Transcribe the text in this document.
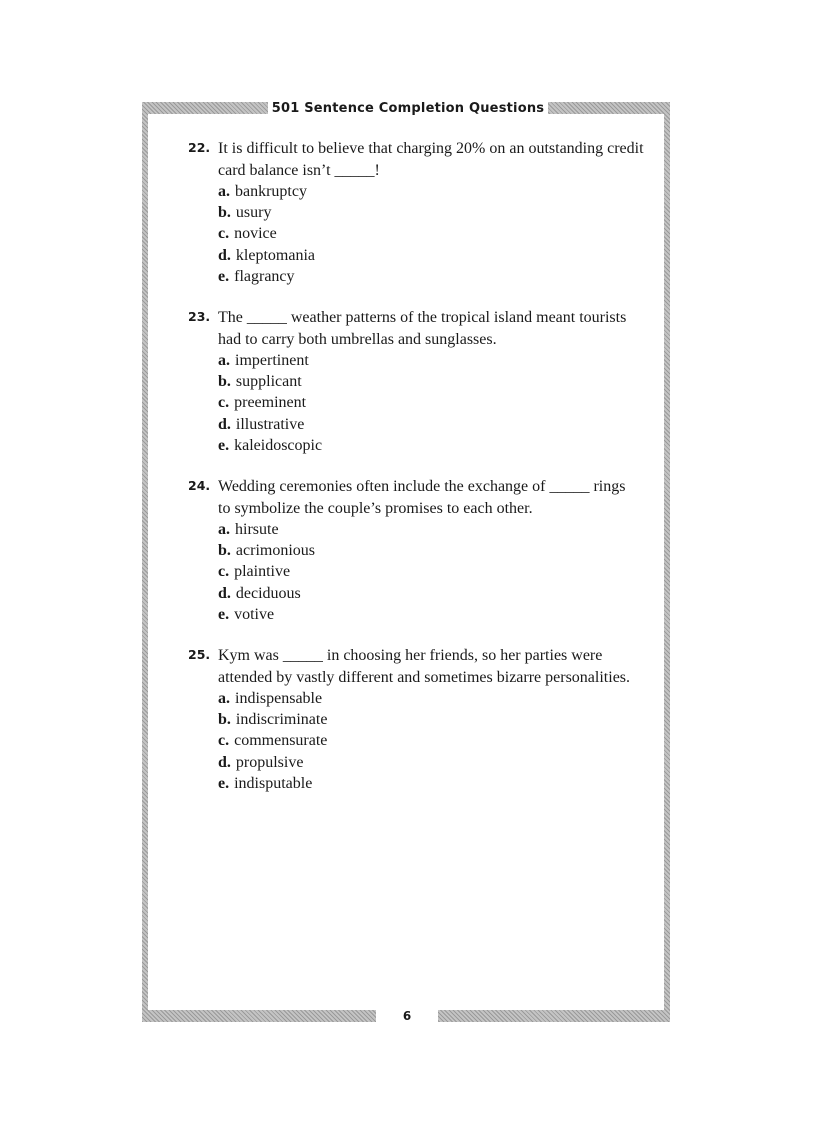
501 Sentence Completion Questions
22. It is difficult to believe that charging 20% on an outstanding credit
card balance isn’t _____!

a. bankruptcy
b. usury
c. novice
d. kleptomania
e. flagrancy
23. The _____ weather patterns of the tropical island meant tourists
had to carry both umbrellas and sunglasses.

a. impertinent
b. supplicant
c. preeminent
d. illustrative
e. kaleidoscopic
24. Wedding ceremonies often include the exchange of _____ rings
to symbolize the couple’s promises to each other.

a. hirsute
b. acrimonious
c. plaintive
d. deciduous
e. votive
25. Kym was _____ in choosing her friends, so her parties were
attended by vastly different and sometimes bizarre personalities.

a. indispensable
b. indiscriminate
c. commensurate
d. propulsive
e. indisputable
6
